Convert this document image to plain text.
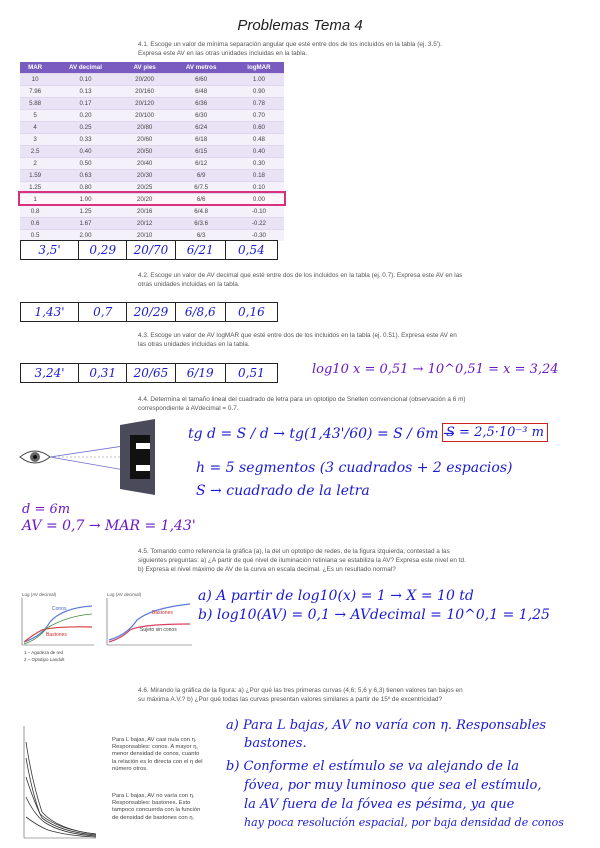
Problemas Tema 4
4.1. Escoge un valor de mínima separación angular que esté entre dos de los incluidos en la tabla (ej. 3.5'). Expresa este AV en las otras unidades incluidas en la tabla.
MAR	AV decimal	AV pies	AV metros	logMAR
10	0.10	20/200	6/60	1.00
7.96	0.13	20/160	6/48	0.90
5.88	0.17	20/120	6/36	0.78
5	0.20	20/100	6/30	0.70
4	0.25	20/80	6/24	0.60
3	0.33	20/60	6/18	0.48
2.5	0.40	20/50	6/15	0.40
2	0.50	20/40	6/12	0.30
1.59	0.63	20/30	6/9	0.18
1.25	0.80	20/25	6/7.5	0.10
1	1.00	20/20	6/6	0.00
0.8	1.25	20/16	6/4.8	-0.10
0.6	1.67	20/12	6/3.6	-0.22
0.5	2.00	20/10	6/3	-0.30
3,5'	0,29	20/70	6/21	0,54
4.2. Escoge un valor de AV decimal que esté entre dos de los incluidos en la tabla (ej. 0.7). Expresa este AV en las otras unidades incluidas en la tabla.
1,43'	0,7	20/29	6/8,6	0,16
4.3. Escoge un valor de AV logMAR que esté entre dos de los incluidos en la tabla (ej. 0.51). Expresa este AV en las otras unidades incluidas en la tabla.
3,24'	0,31	20/65	6/19	0,51	log10 x = 0,51 → 10^0,51 = x = 3,24
4.4. Determina el tamaño lineal del cuadrado de letra para un optotipo de Snellen convencional (observación a 6 m) correspondiente a AVdecimal = 0.7.
tg d = S / d → tg(1,43'/60) = S / 6m →
S = 2,5·10⁻³ m
h = 5 segmentos (3 cuadrados + 2 espacios)
S → cuadrado de la letra
d = 6m
AV = 0,7 → MAR = 1,43'
4.5. Tomando como referencia la gráfica (a), la del un optotipo de redes, de la figura izquierda, contestad a las siguientes preguntas: a) ¿A partir de qué nivel de iluminación retiniana se estabiliza la AV? Expresa este nivel en td. b) Expresa el nivel máximo de AV de la curva en escala decimal. ¿Es un resultado normal?
Log (AV decimal)
Conos
Bastones
1 – Agudeza de red
2 – Optotipo Landolt
Log (AV decimal)
Bastones
Sujeto sin conos
a) A partir de log10(x) = 1 → X = 10 td
b) log10(AV) = 0,1 → AVdecimal = 10^0,1 = 1,25
4.6. Mirando la gráfica de la figura: a) ¿Por qué las tres primeras curvas (4,6; 5,6 y 6,3) tienen valores tan bajos en su máxima A.V.? b) ¿Por qué todas las curvas presentan valores similares a partir de 15º de excentricidad?
Para L bajas, AV casi nula con η. Responsables: conos. A mayor η, menor densidad de conos, cuanto la relación es lo directa con el η del número otros.
Para L bajas, AV no varía con η. Responsables: bastones. Esto tampoco concuerda con la función de densidad de bastones con η.
a) Para L bajas, AV no varía con η. Responsables
bastones.
b) Conforme el estímulo se va alejando de la
fóvea, por muy luminoso que sea el estímulo,
la AV fuera de la fóvea es pésima, ya que
hay poca resolución espacial, por baja densidad de conos
